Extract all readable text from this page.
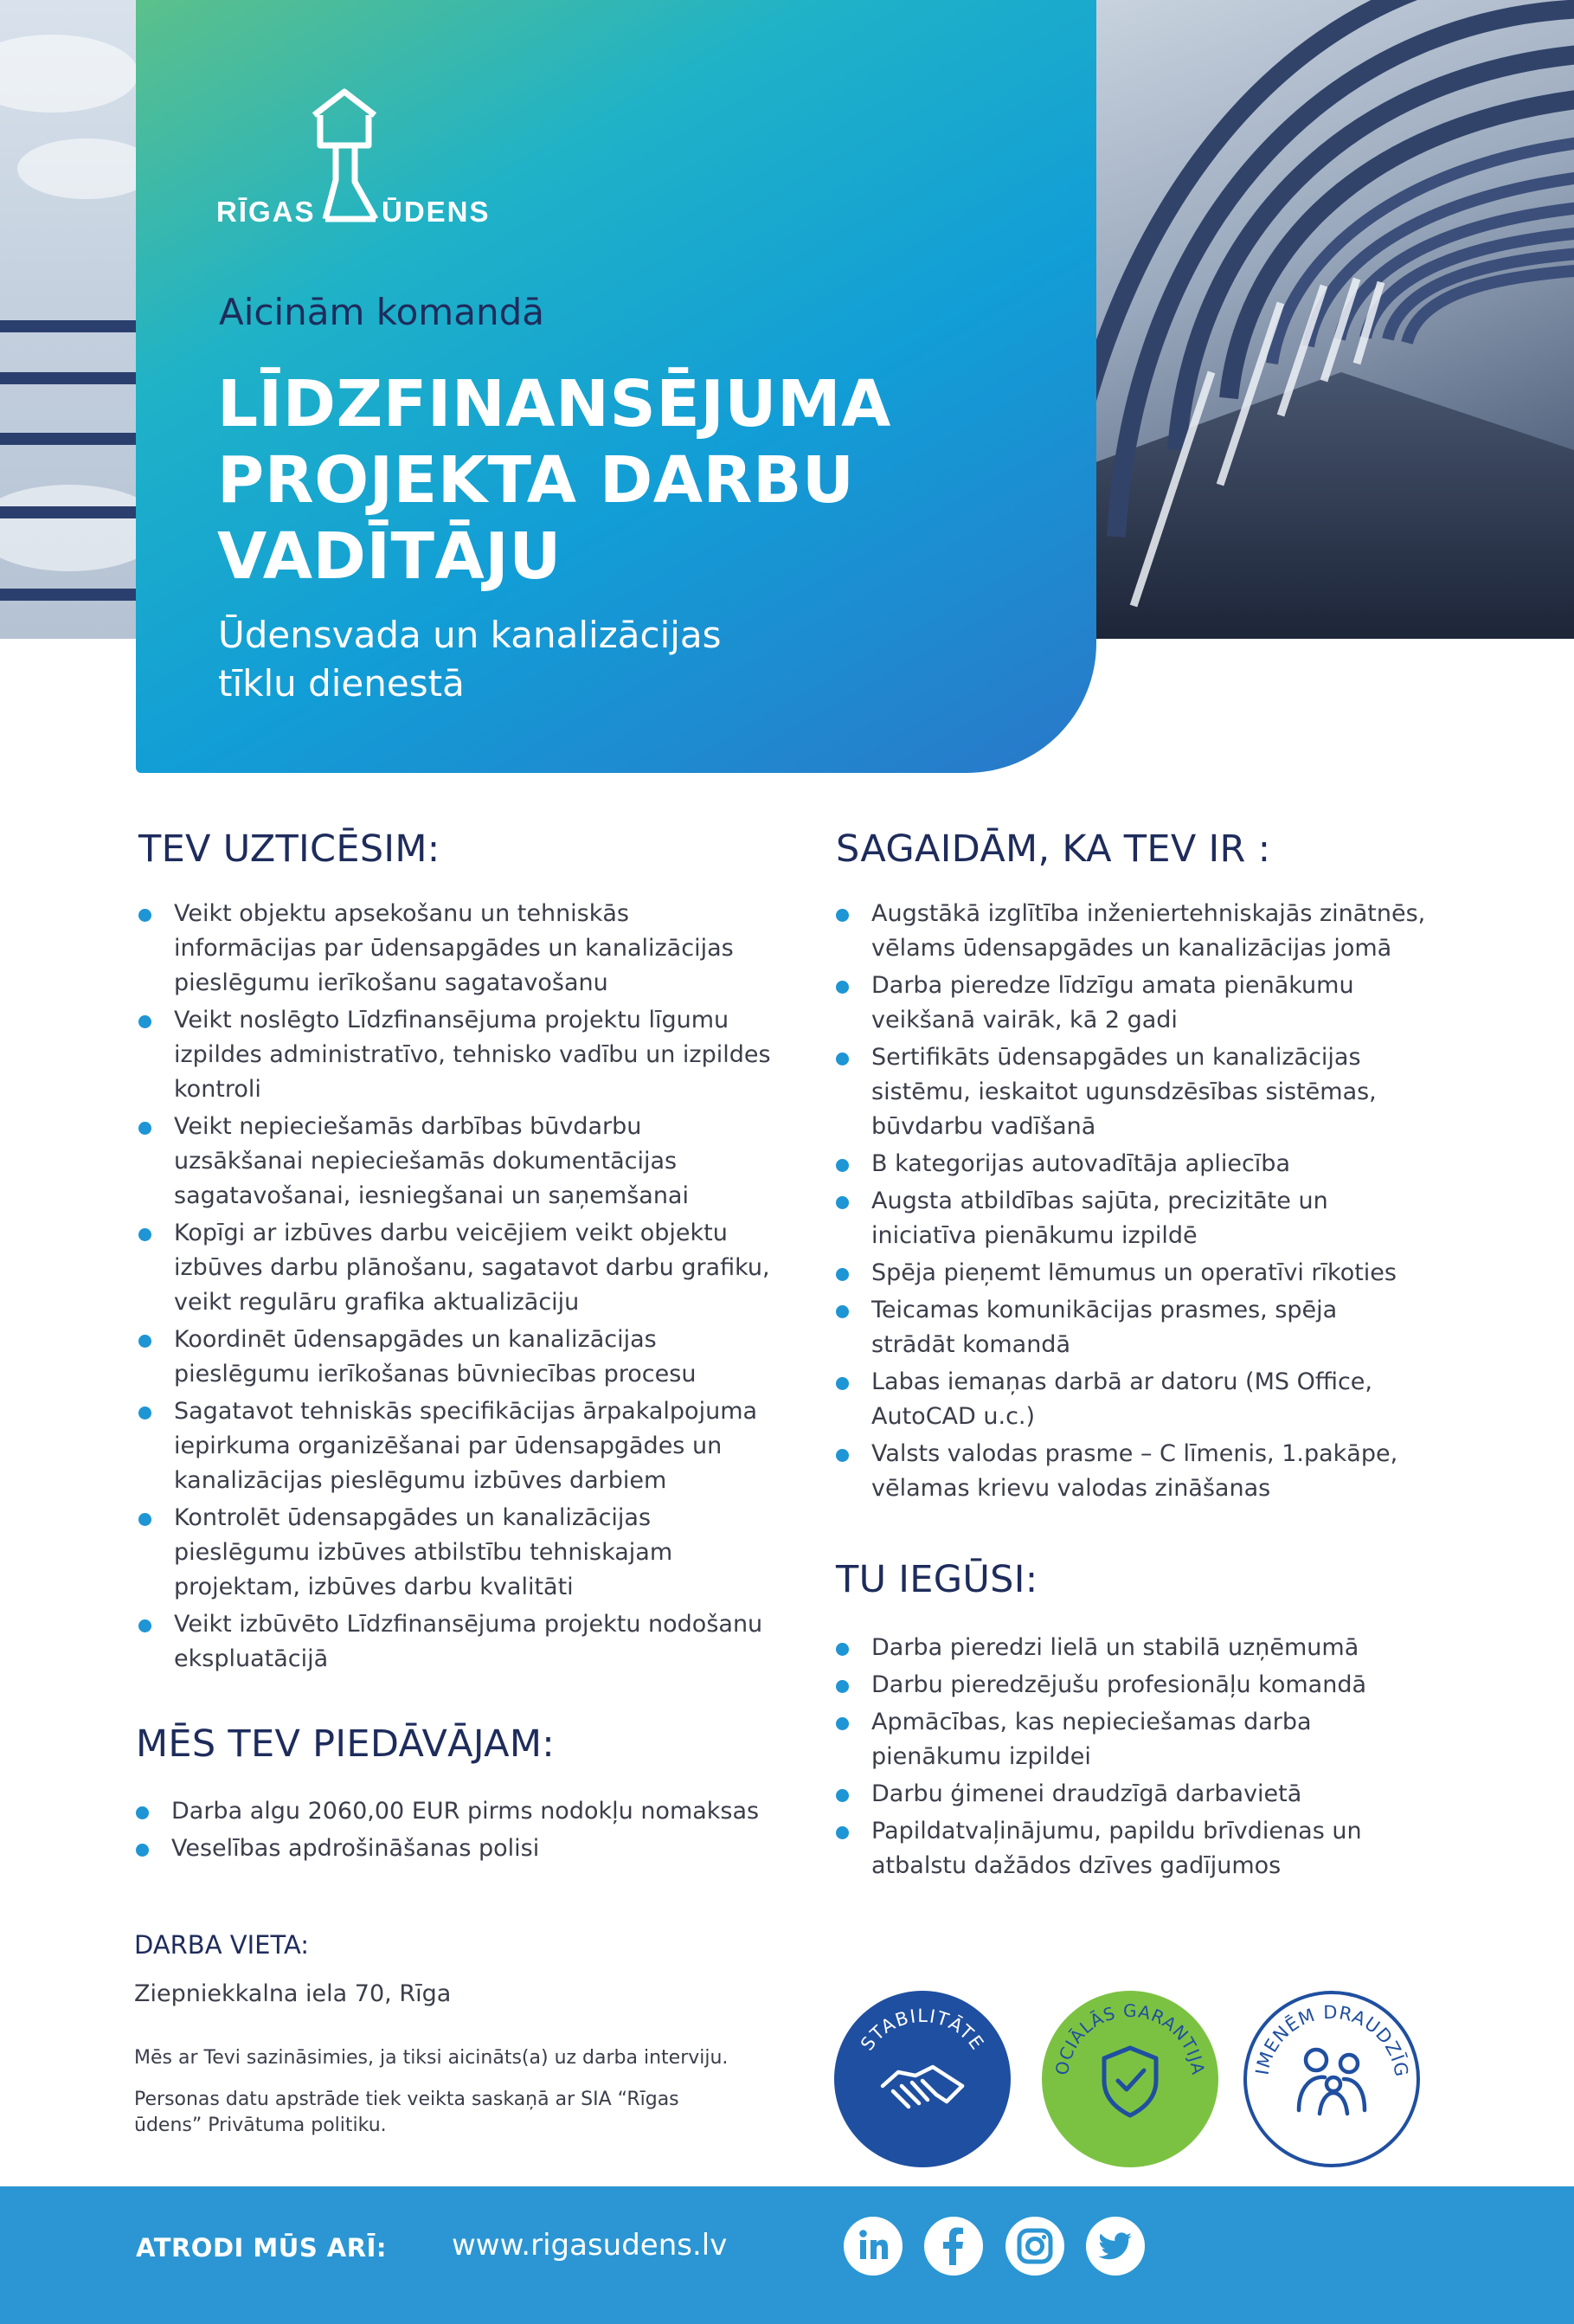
RĪGAS ŪDENS
Aicinām komandā
LĪDZFINANSĒJUMA
PROJEKTA DARBU
VADĪTĀJU
Ūdensvada un kanalizācijas
tīklu dienestā
TEV UZTICĒSIM:
Veikt objektu apsekošanu un tehniskās
informācijas par ūdensapgādes un kanalizācijas
pieslēgumu ierīkošanu sagatavošanu
Veikt noslēgto Līdzfinansējuma projektu līgumu
izpildes administratīvo, tehnisko vadību un izpildes
kontroli
Veikt nepieciešamās darbības būvdarbu
uzsākšanai nepieciešamās dokumentācijas
sagatavošanai, iesniegšanai un saņemšanai
Kopīgi ar izbūves darbu veicējiem veikt objektu
izbūves darbu plānošanu, sagatavot darbu grafiku,
veikt regulāru grafika aktualizāciju
Koordinēt ūdensapgādes un kanalizācijas
pieslēgumu ierīkošanas būvniecības procesu
Sagatavot tehniskās specifikācijas ārpakalpojuma
iepirkuma organizēšanai par ūdensapgādes un
kanalizācijas pieslēgumu izbūves darbiem
Kontrolēt ūdensapgādes un kanalizācijas
pieslēgumu izbūves atbilstību tehniskajam
projektam, izbūves darbu kvalitāti
Veikt izbūvēto Līdzfinansējuma projektu nodošanu
ekspluatācijā
MĒS TEV PIEDĀVĀJAM:
Darba algu 2060,00 EUR pirms nodokļu nomaksas
Veselības apdrošināšanas polisi
DARBA VIETA:
Ziepniekkalna iela 70, Rīga
Mēs ar Tevi sazināsimies, ja tiksi aicināts(a) uz darba interviju.
Personas datu apstrāde tiek veikta saskaņā ar SIA “Rīgas
ūdens” Privātuma politiku.
SAGAIDĀM, KA TEV IR :
Augstākā izglītība inženiertehniskajās zinātnēs,
vēlams ūdensapgādes un kanalizācijas jomā
Darba pieredze līdzīgu amata pienākumu
veikšanā vairāk, kā 2 gadi
Sertifikāts ūdensapgādes un kanalizācijas
sistēmu, ieskaitot ugunsdzēsības sistēmas,
būvdarbu vadīšanā
B kategorijas autovadītāja apliecība
Augsta atbildības sajūta, precizitāte un
iniciatīva pienākumu izpildē
Spēja pieņemt lēmumus un operatīvi rīkoties
Teicamas komunikācijas prasmes, spēja
strādāt komandā
Labas iemaņas darbā ar datoru (MS Office,
AutoCAD u.c.)
Valsts valodas prasme – C līmenis, 1.pakāpe,
vēlamas krievu valodas zināšanas
TU IEGŪSI:
Darba pieredzi lielā un stabilā uzņēmumā
Darbu pieredzējušu profesionāļu komandā
Apmācības, kas nepieciešamas darba
pienākumu izpildei
Darbu ģimenei draudzīgā darbavietā
Papildatvaļinājumu, papildu brīvdienas un
atbalstu dažādos dzīves gadījumos
STABILITĀTE
OCIĀLĀS GARANTIJA	IMENĒM DRAUDZĪG
ATRODI MŪS ARĪ: www.rigasudens.lv
